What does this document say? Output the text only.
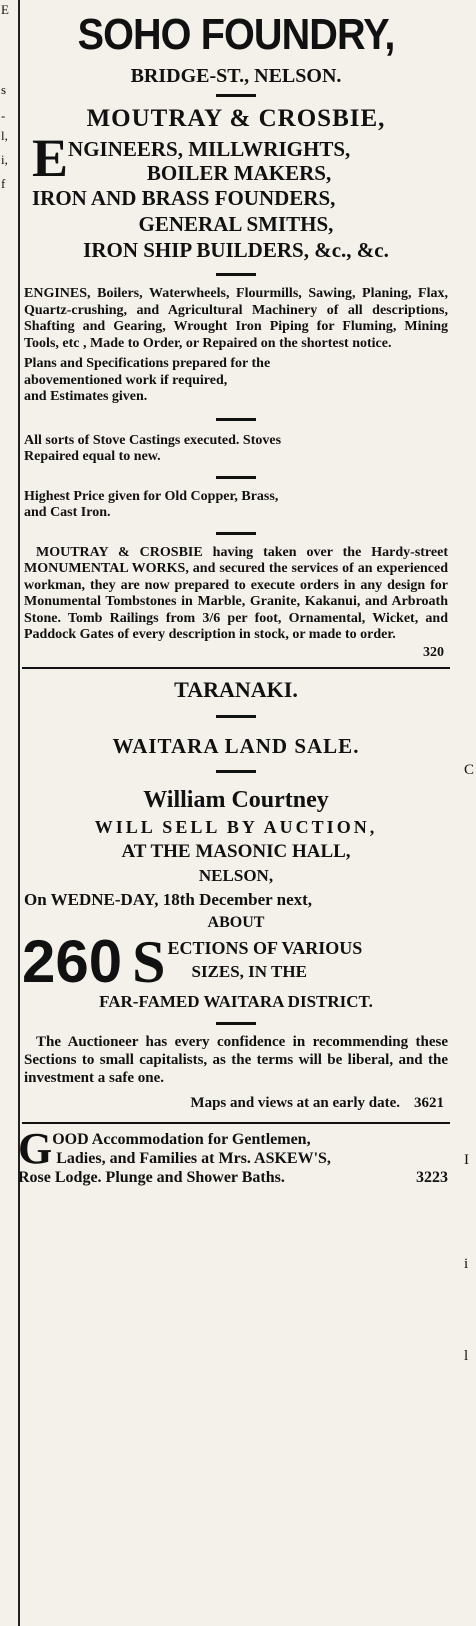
E
s
-
l,
i,
f
C
I
i
l
SOHO FOUNDRY,
BRIDGE-ST., NELSON.
MOUTRAY & CROSBIE,
E NGINEERS, MILLWRIGHTS,
BOILER MAKERS,
IRON AND BRASS FOUNDERS,
GENERAL SMITHS,
IRON SHIP BUILDERS, &c., &c.
ENGINES, Boilers, Waterwheels, Flourmills, Sawing, Planing, Flax, Quartz-crushing, and Agricultural Machinery of all descriptions, Shafting and Gearing, Wrought Iron Piping for Fluming, Mining Tools, etc , Made to Order, or Repaired on the shortest notice.
Plans and Specifications prepared for the
abovementioned work if required,
and Estimates given.
All sorts of Stove Castings executed. Stoves
Repaired equal to new.
Highest Price given for Old Copper, Brass,
and Cast Iron.
MOUTRAY & CROSBIE having taken over the Hardy-street MONUMENTAL WORKS, and secured the services of an experienced workman, they are now prepared to execute orders in any design for Monumental Tombstones in Marble, Granite, Kakanui, and Arbroath Stone. Tomb Railings from 3/6 per foot, Ornamental, Wicket, and Paddock Gates of every description in stock, or made to order.
320
TARANAKI.
WAITARA LAND SALE.
William Courtney
WILL SELL BY AUCTION,
AT THE MASONIC HALL,
NELSON,
On WEDNE-DAY, 18th December next,
ABOUT
260 S ECTIONS OF VARIOUS
SIZES, IN THE
FAR-FAMED WAITARA DISTRICT.
The Auctioneer has every confidence in recommending these Sections to small capitalists, as the terms will be liberal, and the investment a safe one.
Maps and views at an early date. 3621
G OOD Accommodation for Gentlemen,
Ladies, and Families at Mrs. ASKEW'S,
Rose Lodge. Plunge and Shower Baths.	3223
